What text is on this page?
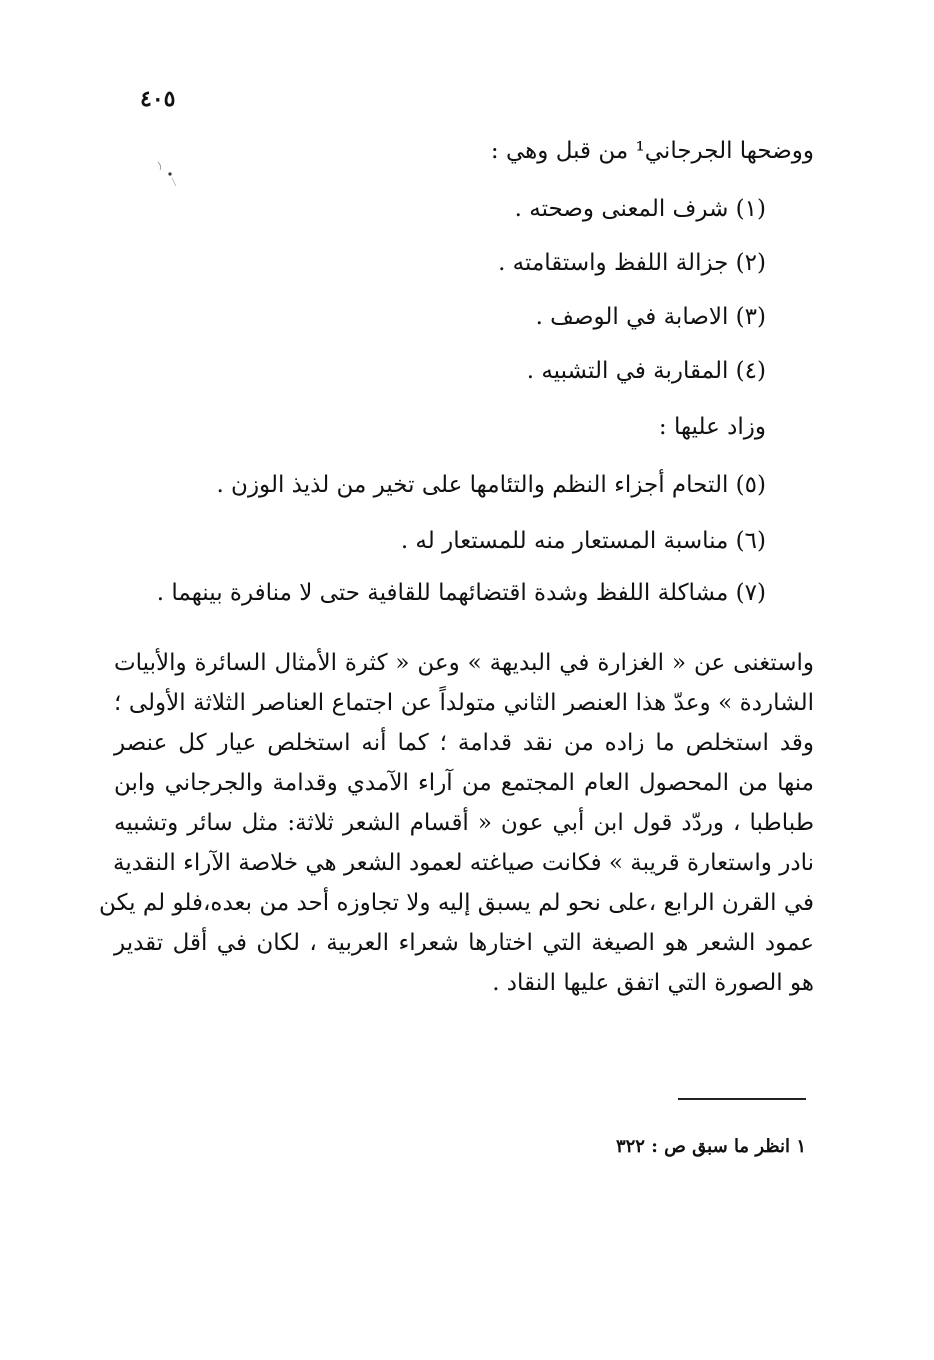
٤٠٥
ووضحها الجرجاني¹ من قبل وهي :
(١) شرف المعنى وصحته .
(٢) جزالة اللفظ واستقامته .
(٣) الاصابة في الوصف .
(٤) المقاربة في التشبيه .
وزاد عليها :
(٥) التحام أجزاء النظم والتئامها على تخير من لذيذ الوزن .
(٦) مناسبة المستعار منه للمستعار له .
(٧) مشاكلة اللفظ وشدة اقتضائهما للقافية حتى لا منافرة بينهما .
واستغنى عن « الغزارة في البديهة » وعن « كثرة الأمثال السائرة والأبيات
الشاردة » وعدّ هذا العنصر الثاني متولداً عن اجتماع العناصر الثلاثة الأولى ؛
وقد استخلص ما زاده من نقد قدامة ؛ كما أنه استخلص عيار كل عنصر
منها من المحصول العام المجتمع من آراء الآمدي وقدامة والجرجاني وابن
طباطبا ، وردّد قول ابن أبي عون « أقسام الشعر ثلاثة: مثل سائر وتشبيه
نادر واستعارة قريبة » فكانت صياغته لعمود الشعر هي خلاصة الآراء النقدية
في القرن الرابع ،على نحو لم يسبق إليه ولا تجاوزه أحد من بعده،فلو لم يكن
عمود الشعر هو الصيغة التي اختارها شعراء العربية ، لكان في أقل تقدير
هو الصورة التي اتفق عليها النقاد .
١ انظر ما سبق ص : ٣٢٢
